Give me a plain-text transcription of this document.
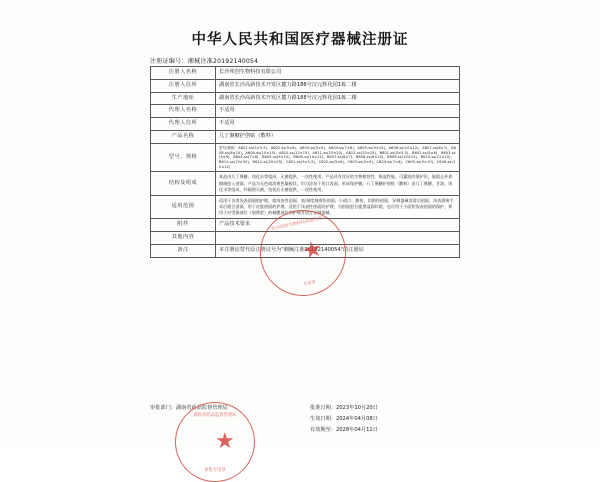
中华人民共和国医疗器械注册证
注册证编号：湘械注准20192140054
注册人名称	长沙邦创生物科技有限公司
注册人住所	湖南省长沙高新技术开发区麓力路188号汉元辉化园1栋二楼
生产地址	湖南省长沙高新技术开发区麓力路188号汉元辉化园1栋二楼
代理人名称	不适用
代理人住所	不适用
产品名称	几丁聚糖护创贴（敷料）
型号、规格	型号/规格：A601-ss(5×5.5)、A602-ss(5×6)、A603-ss(5×9)、A604-ss(7×8)、A605-ss(9×10)、A606-ss(10×12)、A607-ss(6×7)、A608-ss(8×10)、A609-ss(10×15)、A610-ss(12×15)、A611-ss(15×20)、A612-ss(20×25)、B601-ss(5×5.5)、B602-ss(5×6)、B603-ss(5×9)、B604-ss(7×8)、B605-ss(9×10)、B606-ss(10×12)、B607-ss(6×7)、B608-ss(8×10)、B609-ss(10×15)、B610-ss(12×15)、B611-ss(15×20)、B612-ss(20×25)、C601-ss(5×5.5)、C602-ss(5×6)、C603-ss(5×9)、C604-ss(7×8)、C605-ss(9×10)、C606-ss(10×12)
结构及组成	本品由几丁聚糖、纯化水等组成，无菌提供，一次性使用。产品具有良好的生物相容性、吸湿性能、可灌流的保护层，能阻止外界细菌侵入创面。产品为无色或淡黄色凝胶状，均匀涂布于伤口表面，形成保护膜。几丁聚糖护创贴（敷料）由几丁聚糖、甘油、纯化水等组成，经辐照灭菌，包装后无菌提供，一次性使用。
适用范围	适用于各类浅表创面的护理，如浅表性创面、表浅Ⅰ度烧烫伤创面、小创口、擦伤、切割伤创面、穿刺器械消毒后创面，浅表溃疡手术后缝合创面，用于皮肤创面的护理。适用于浅表性创面的护理，为创面愈合提供湿润环境，也可用于小面积浅表创面的保护，和用于对受损部位（如鼻腔）的黏膜部位的护理并固定穿刺器械。
附件	产品技术要求
其他内容	
备注	本注册证替代原注册证号为"湘械注准20192140054"的注册证
审批部门：湖南省药品监督管理局	批准日期：2023年10月20日
生效日期：2024年04月08日
有效期至：2028年04月11日
长沙邦创生物科技有限公司
★
专用章
湖南省药品监督管理局
★
审批专用章
